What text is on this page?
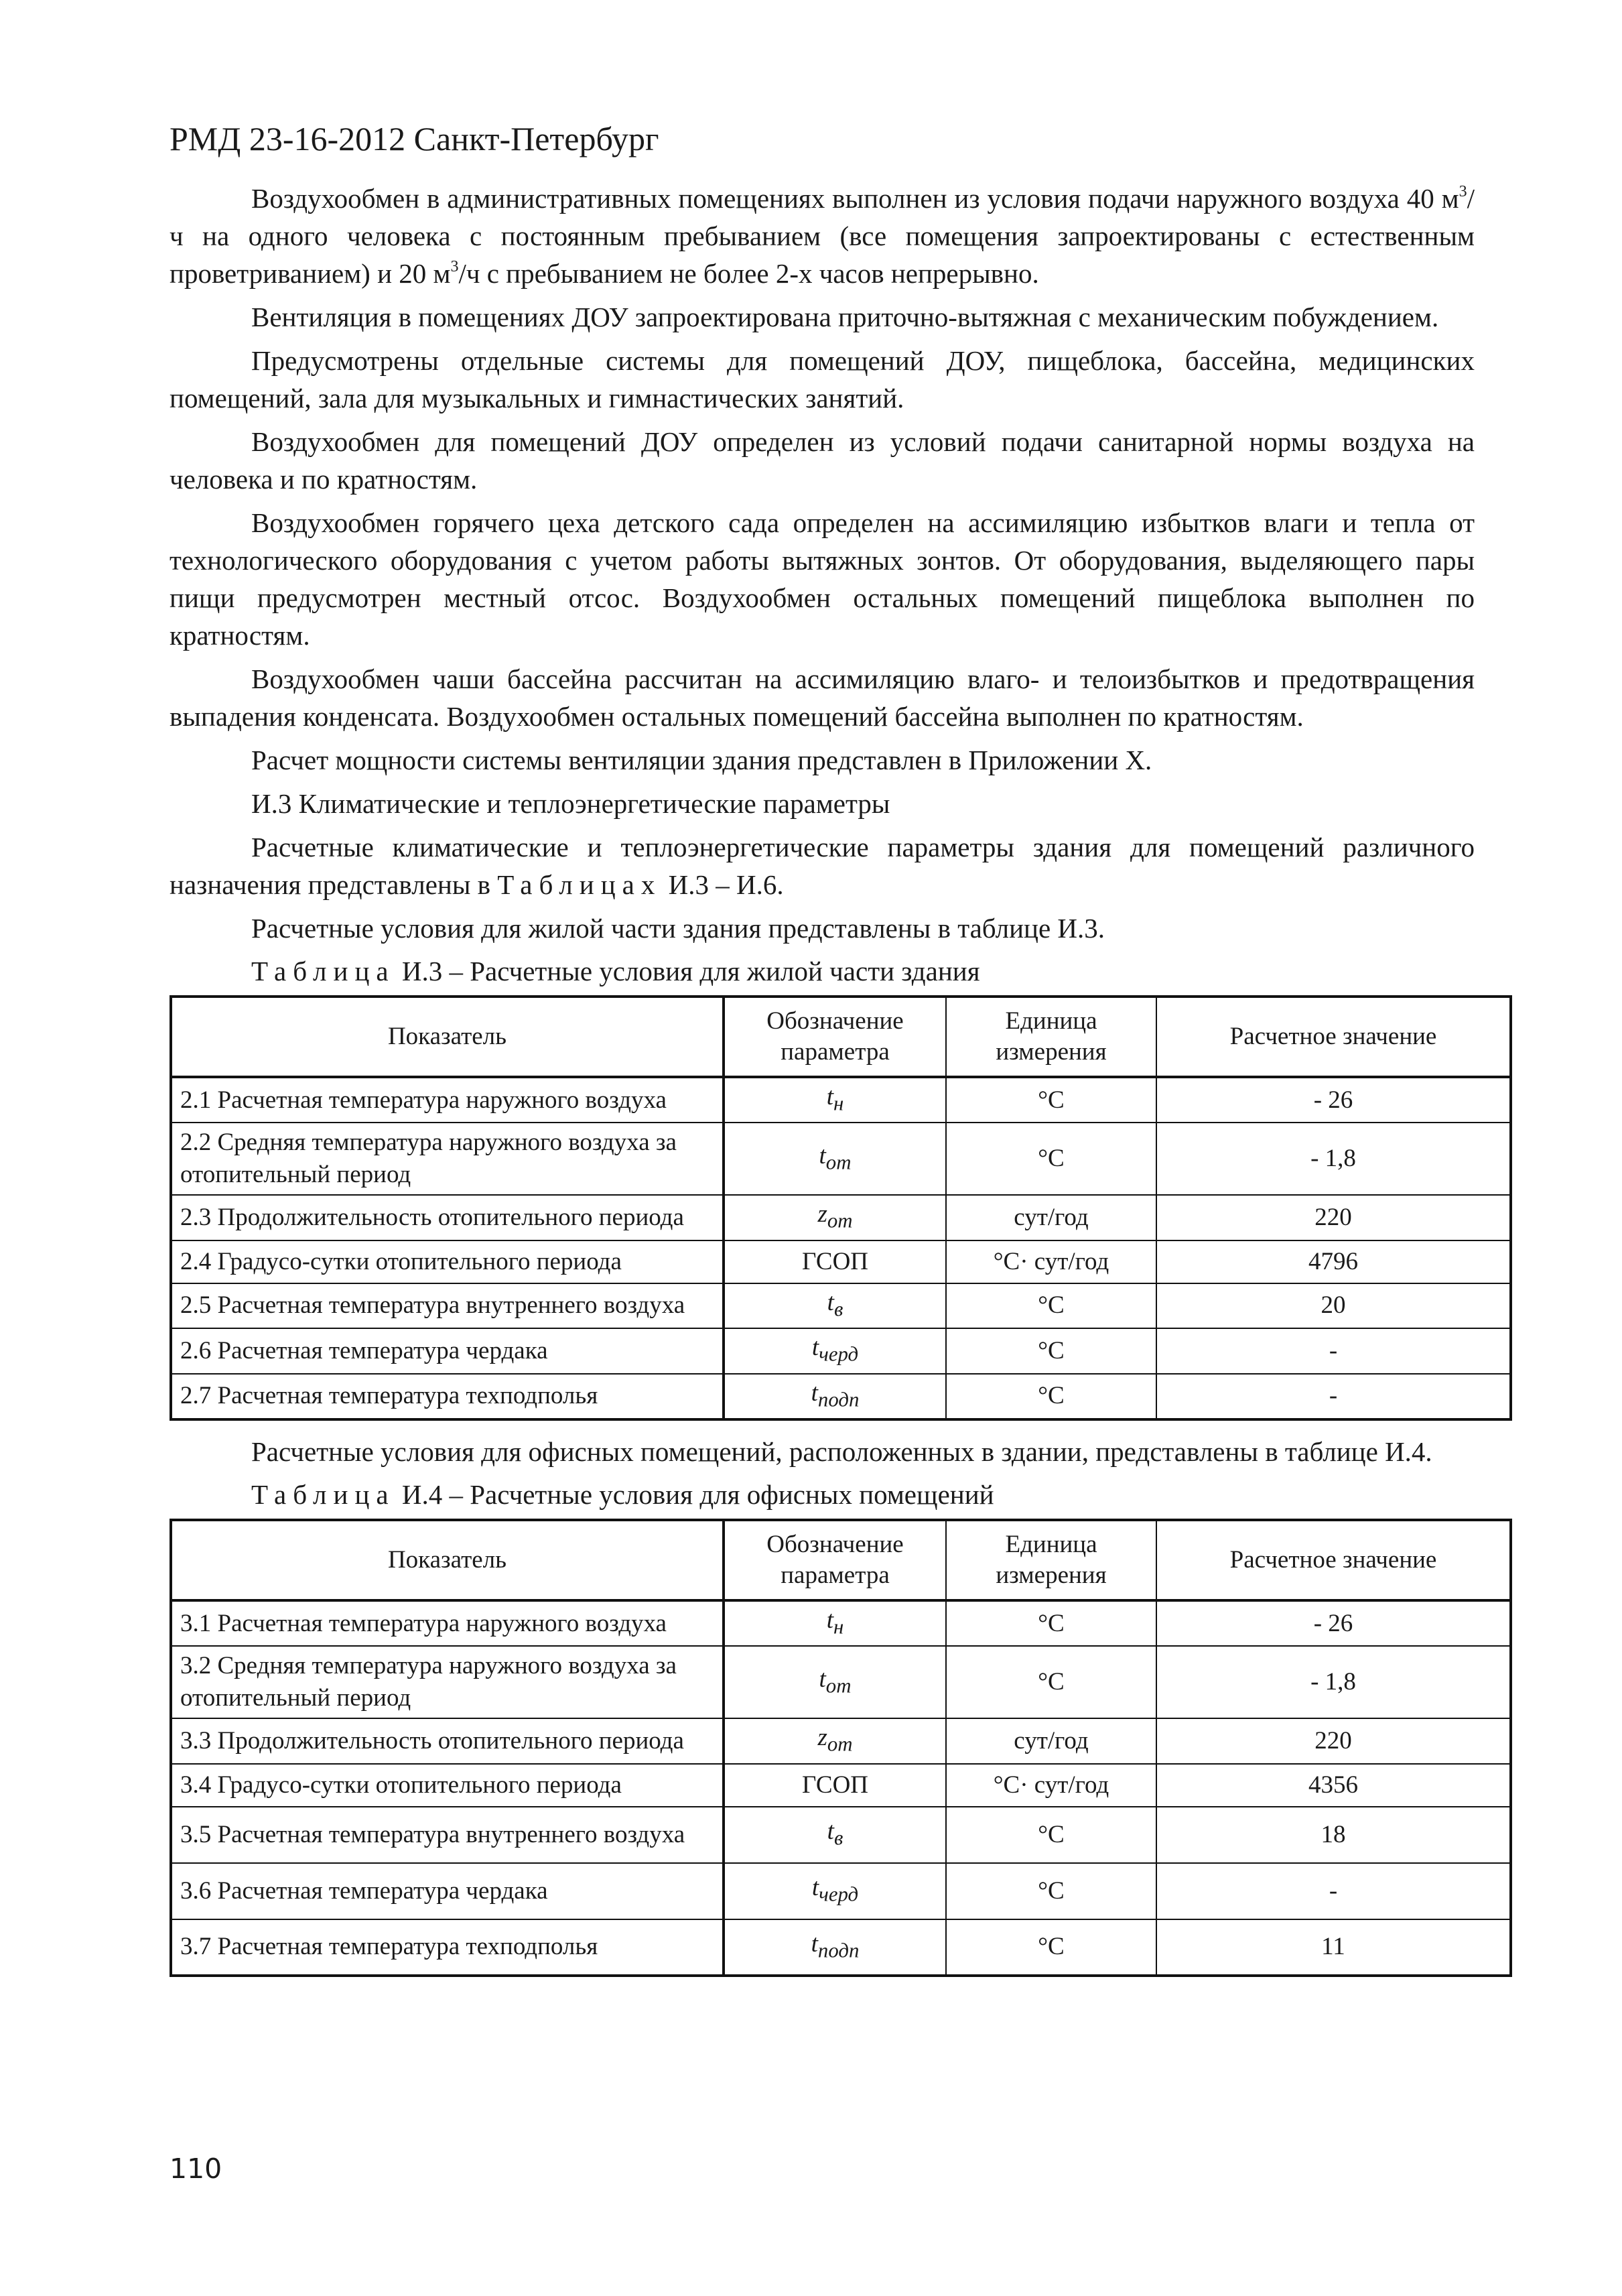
РМД 23-16-2012 Санкт-Петербург

Воздухообмен в административных помещениях выполнен из условия подачи наружного воздуха 40 $м^3/ч$ на одного человека с постоянным пребыванием (все помещения запроектированы с естественным проветриванием) и 20 $м^3/ч$ с пребыванием не более 2-х часов непрерывно.

Вентиляция в помещениях ДОУ запроектирована приточно-вытяжная с механическим побуждением.

Предусмотрены отдельные системы для помещений ДОУ, пищеблока, бассейна, медицинских помещений, зала для музыкальных и гимнастических занятий.

Воздухообмен для помещений ДОУ определен из условий подачи санитарной нормы воздуха на человека и по кратностям.

Воздухообмен горячего цеха детского сада определен на ассимиляцию избытков влаги и тепла от технологического оборудования с учетом работы вытяжных зонтов. От оборудования, выделяющего пары пищи предусмотрен местный отсос. Воздухообмен остальных помещений пищеблока выполнен по кратностям.

Воздухообмен чаши бассейна рассчитан на ассимиляцию влаго- и телоизбытков и предотвращения выпадения конденсата. Воздухообмен остальных помещений бассейна выполнен по кратностям.

Расчет мощности системы вентиляции здания представлен в Приложении Х.

И.3 Климатические и теплоэнергетические параметры

Расчетные климатические и теплоэнергетические параметры здания для помещений различного назначения представлены в Таблицах И.3 – И.6.

Расчетные условия для жилой части здания представлены в таблице И.3.

Таблица И.3 – Расчетные условия для жилой части здания

Показатель	Обозначение параметра	Единица измерения	Расчетное значение
2.1 Расчетная температура наружного воздуха	$t_н$	°С	- 26
2.2 Средняя температура наружного воздуха за отопительный период	$t_{от}$	°С	- 1,8
2.3 Продолжительность отопительного периода	$z_{от}$	сут/год	220
2.4 Градусо-сутки отопительного периода	ГСОП	°С· сут/год	4796
2.5 Расчетная температура внутреннего воздуха	$t_в$	°С	20
2.6 Расчетная температура чердака	$t_{черд}$	°С	-
2.7 Расчетная температура техподполья	$t_{подп}$	°С	-

Расчетные условия для офисных помещений, расположенных в здании, представлены в таблице И.4.

Таблица И.4 – Расчетные условия для офисных помещений

Показатель	Обозначение параметра	Единица измерения	Расчетное значение
3.1 Расчетная температура наружного воздуха	$t_н$	°С	- 26
3.2 Средняя температура наружного воздуха за отопительный период	$t_{от}$	°С	- 1,8
3.3 Продолжительность отопительного периода	$z_{от}$	сут/год	220
3.4 Градусо-сутки отопительного периода	ГСОП	°С· сут/год	4356
3.5 Расчетная температура внутреннего воздуха	$t_в$	°С	18
3.6 Расчетная температура чердака	$t_{черд}$	°С	-
3.7 Расчетная температура техподполья	$t_{подп}$	°С	11
110
